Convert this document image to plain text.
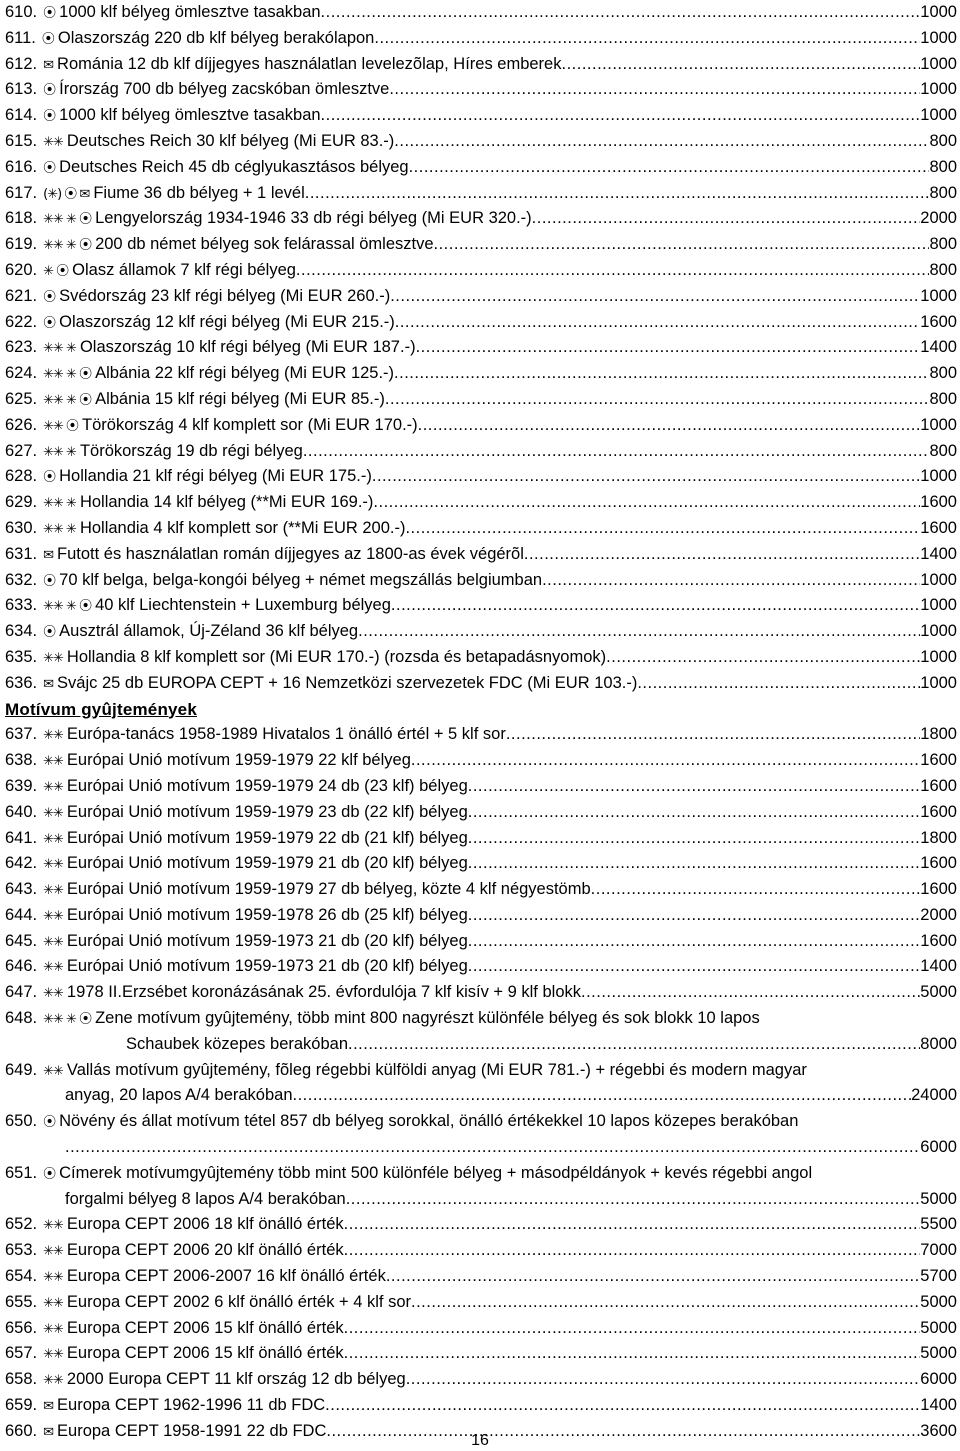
610. ⦿ 1000 klf bélyeg ömlesztve tasakban .....	1000
611. ⦿ Olaszország 220 db klf bélyeg berakólapon .....	1000
612. ✉ Románia 12 db klf díjjegyes használatlan levelezõlap, Híres emberek .....	1000
613. ⦿ Írország 700 db bélyeg zacskóban ömlesztve .....	1000
614. ⦿ 1000 klf bélyeg ömlesztve tasakban .....	1000
615. ✳✳ Deutsches Reich 30 klf bélyeg (Mi EUR 83.-) .....	800
616. ⦿ Deutsches Reich 45 db céglyukasztásos bélyeg .....	800
617. (✳) ⦿ ✉ Fiume 36 db bélyeg + 1 levél .....	800
618. ✳✳ ✳ ⦿ Lengyelország 1934-1946 33 db régi bélyeg (Mi EUR 320.-) .....	2000
619. ✳✳ ✳ ⦿ 200 db német bélyeg sok felárassal ömlesztve .....	800
620. ✳ ⦿ Olasz államok 7 klf régi bélyeg .....	800
621. ⦿ Svédország 23 klf régi bélyeg (Mi EUR 260.-) .....	1000
622. ⦿ Olaszország 12 klf régi bélyeg (Mi EUR 215.-) .....	1600
623. ✳✳ ✳ Olaszország 10 klf régi bélyeg (Mi EUR 187.-) .....	1400
624. ✳✳ ✳ ⦿ Albánia 22 klf régi bélyeg (Mi EUR 125.-) .....	800
625. ✳✳ ✳ ⦿ Albánia 15 klf régi bélyeg (Mi EUR 85.-) .....	800
626. ✳✳ ⦿ Törökország 4 klf komplett sor (Mi EUR 170.-) .....	1000
627. ✳✳ ✳ Törökország 19 db régi bélyeg .....	800
628. ⦿ Hollandia 21 klf régi bélyeg (Mi EUR 175.-) .....	1000
629. ✳✳ ✳ Hollandia 14 klf bélyeg (**Mi EUR 169.-) .....	1600
630. ✳✳ ✳ Hollandia 4 klf komplett sor (**Mi EUR 200.-) .....	1600
631. ✉ Futott és használatlan román díjjegyes az 1800-as évek végérõl .....	1400
632. ⦿ 70 klf belga, belga-kongói bélyeg + német megszállás belgiumban .....	1000
633. ✳✳ ✳ ⦿ 40 klf Liechtenstein + Luxemburg bélyeg .....	1000
634. ⦿ Ausztrál államok, Új-Zéland 36 klf bélyeg .....	1000
635. ✳✳ Hollandia 8 klf komplett sor (Mi EUR 170.-) (rozsda és betapadásnyomok) .....	1000
636. ✉ Svájc 25 db EUROPA CEPT + 16 Nemzetközi szervezetek FDC (Mi EUR 103.-) .....	1000
Motívum gyûjtemények
637. ✳✳ Európa-tanács 1958-1989 Hivatalos 1 önálló értél + 5 klf sor .....	1800
638. ✳✳ Európai Unió motívum 1959-1979 22 klf bélyeg .....	1600
639. ✳✳ Európai Unió motívum 1959-1979 24 db (23 klf) bélyeg .....	1600
640. ✳✳ Európai Unió motívum 1959-1979 23 db (22 klf) bélyeg .....	1600
641. ✳✳ Európai Unió motívum 1959-1979 22 db (21 klf) bélyeg .....	1800
642. ✳✳ Európai Unió motívum 1959-1979 21 db (20 klf) bélyeg .....	1600
643. ✳✳ Európai Unió motívum 1959-1979 27 db bélyeg, közte 4 klf négyestömb .....	1600
644. ✳✳ Európai Unió motívum 1959-1978 26 db (25 klf) bélyeg .....	2000
645. ✳✳ Európai Unió motívum 1959-1973 21 db (20 klf) bélyeg .....	1600
646. ✳✳ Európai Unió motívum 1959-1973 21 db (20 klf) bélyeg .....	1400
647. ✳✳ 1978 II.Erzsébet koronázásának 25. évfordulója 7 klf kisív + 9 klf blokk .....	5000
648. ✳✳ ✳ ⦿ Zene motívum gyûjtemény, több mint 800 nagyrészt különféle bélyeg és sok blokk 10 lapos
Schaubek közepes berakóban .....	8000
649. ✳✳ Vallás motívum gyûjtemény, fõleg régebbi külföldi anyag (Mi EUR 781.-) + régebbi és modern magyar
anyag, 20 lapos A/4 berakóban .....	24000
650. ⦿ Növény és állat motívum tétel 857 db bélyeg sorokkal, önálló értékekkel 10 lapos közepes berakóban
.....
6000
651. ⦿ Címerek motívumgyûjtemény több mint 500 különféle bélyeg + másodpéldányok + kevés régebbi angol
forgalmi bélyeg 8 lapos A/4 berakóban .....	5000
652. ✳✳ Europa CEPT 2006 18 klf önálló érték .....	5500
653. ✳✳ Europa CEPT 2006 20 klf önálló érték .....	7000
654. ✳✳ Europa CEPT 2006-2007 16 klf önálló érték .....	5700
655. ✳✳ Europa CEPT 2002 6 klf önálló érték + 4 klf sor .....	5000
656. ✳✳ Europa CEPT 2006 15 klf önálló érték .....	5000
657. ✳✳ Europa CEPT 2006 15 klf önálló érték .....	5000
658. ✳✳ 2000 Europa CEPT 11 klf ország 12 db bélyeg .....	6000
659. ✉ Europa CEPT 1962-1996 11 db FDC .....	1400
660. ✉ Europa CEPT 1958-1991 22 db FDC .....	3600
16
